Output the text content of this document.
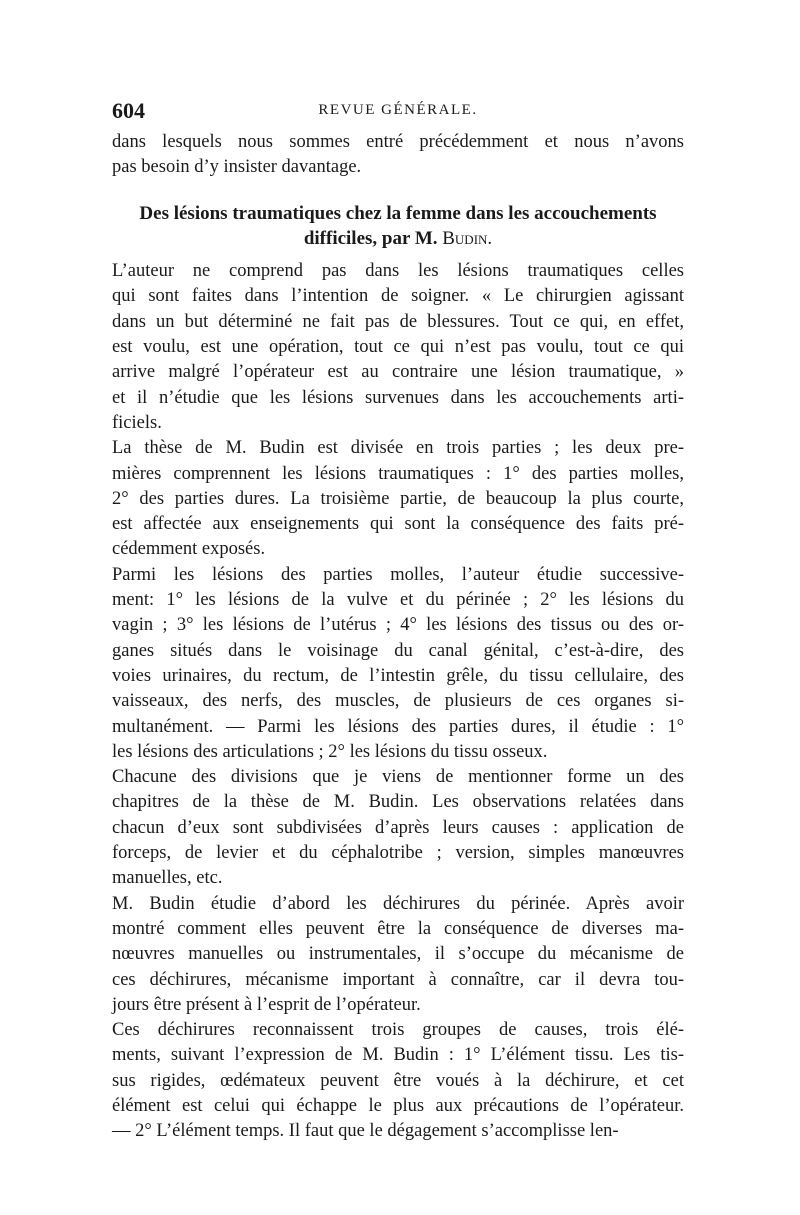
604	REVUE GÉNÉRALE.
dans lesquels nous sommes entré précédemment et nous n’avons
pas besoin d’y insister davantage.
Des lésions traumatiques chez la femme dans les accouchements
difficiles, par M. Budin.
L’auteur ne comprend pas dans les lésions traumatiques celles
qui sont faites dans l’intention de soigner. « Le chirurgien agissant
dans un but déterminé ne fait pas de blessures. Tout ce qui, en effet,
est voulu, est une opération, tout ce qui n’est pas voulu, tout ce qui
arrive malgré l’opérateur est au contraire une lésion traumatique, »
et il n’étudie que les lésions survenues dans les accouchements arti-
ficiels.
La thèse de M. Budin est divisée en trois parties ; les deux pre-
mières comprennent les lésions traumatiques : 1° des parties molles,
2° des parties dures. La troisième partie, de beaucoup la plus courte,
est affectée aux enseignements qui sont la conséquence des faits pré-
cédemment exposés.
Parmi les lésions des parties molles, l’auteur étudie successive-
ment: 1° les lésions de la vulve et du périnée ; 2° les lésions du
vagin ; 3° les lésions de l’utérus ; 4° les lésions des tissus ou des or-
ganes situés dans le voisinage du canal génital, c’est-à-dire, des
voies urinaires, du rectum, de l’intestin grêle, du tissu cellulaire, des
vaisseaux, des nerfs, des muscles, de plusieurs de ces organes si-
multanément. — Parmi les lésions des parties dures, il étudie : 1°
les lésions des articulations ; 2° les lésions du tissu osseux.
Chacune des divisions que je viens de mentionner forme un des
chapitres de la thèse de M. Budin. Les observations relatées dans
chacun d’eux sont subdivisées d’après leurs causes : application de
forceps, de levier et du céphalotribe ; version, simples manœuvres
manuelles, etc.
M. Budin étudie d’abord les déchirures du périnée. Après avoir
montré comment elles peuvent être la conséquence de diverses ma-
nœuvres manuelles ou instrumentales, il s’occupe du mécanisme de
ces déchirures, mécanisme important à connaître, car il devra tou-
jours être présent à l’esprit de l’opérateur.
Ces déchirures reconnaissent trois groupes de causes, trois élé-
ments, suivant l’expression de M. Budin : 1° L’élément tissu. Les tis-
sus rigides, œdémateux peuvent être voués à la déchirure, et cet
élément est celui qui échappe le plus aux précautions de l’opérateur.
— 2° L’élément temps. Il faut que le dégagement s’accomplisse len-
